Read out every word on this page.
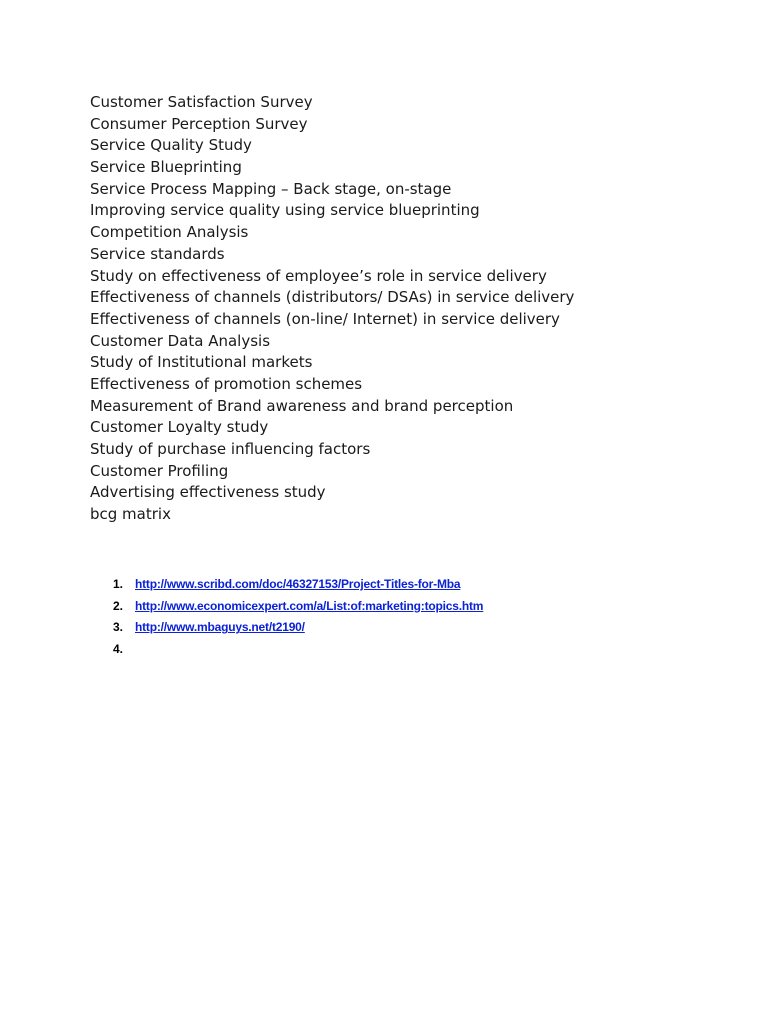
Customer Satisfaction Survey
Consumer Perception Survey
Service Quality Study
Service Blueprinting
Service Process Mapping – Back stage, on-stage
Improving service quality using service blueprinting
Competition Analysis
Service standards
Study on effectiveness of employee’s role in service delivery
Effectiveness of channels (distributors/ DSAs) in service delivery
Effectiveness of channels (on-line/ Internet) in service delivery
Customer Data Analysis
Study of Institutional markets
Effectiveness of promotion schemes
Measurement of Brand awareness and brand perception
Customer Loyalty study
Study of purchase influencing factors
Customer Profiling
Advertising effectiveness study
bcg matrix
1. http://www.scribd.com/doc/46327153/Project-Titles-for-Mba
2. http://www.economicexpert.com/a/List:of:marketing:topics.htm
3. http://www.mbaguys.net/t2190/
4.
